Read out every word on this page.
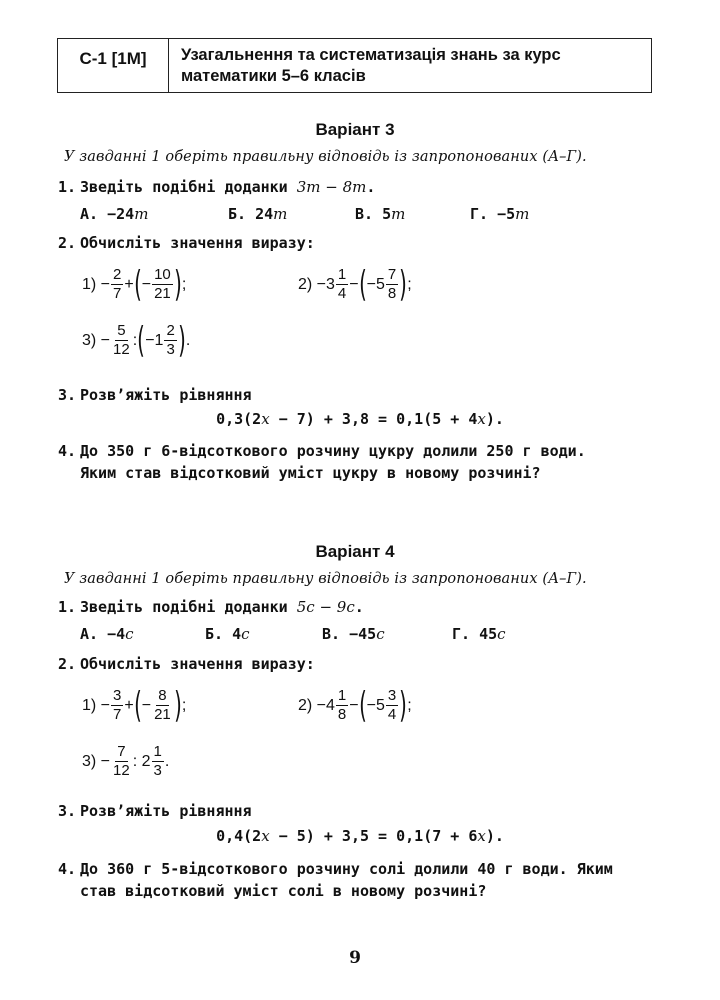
С-1 [1М]	Узагальнення та систематизація знань за курс
математики 5–6 класів
Варіант 3
У завданні 1 оберіть правильну відповідь із запропонованих (А–Г).
1. Зведіть подібні доданки 3m − 8m.
А. −24m	Б. 24m	В. 5m	Г. −5m
2. Обчисліть значення виразу:
$1) - \frac{2}{7}$ + ( − $\frac{10}{21}$ ) ;	$2) -3 \frac{1}{4}$ − ( $-5 \frac{7}{8}$ ) ;
$3) - \frac{5}{12}$ : ( $-1 \frac{2}{3}$ ) .
3. Розв’яжіть рівняння
0,3(2x − 7) + 3,8 = 0,1(5 + 4x).
4. До 350 г 6-відсоткового розчину цукру долили 250 г води.
Яким став відсотковий уміст цукру в новому розчині?
Варіант 4
У завданні 1 оберіть правильну відповідь із запропонованих (А–Г).
1. Зведіть подібні доданки 5c − 9c.
А. −4c	Б. 4c	В. −45c	Г. 45c
2. Обчисліть значення виразу:
$1) - \frac{3}{7}$ + ( − $\frac{8}{21}$ ) ;	$2) -4 \frac{1}{8}$ − ( $-5 \frac{3}{4}$ ) ;
$3) - \frac{7}{12}$ : $2 \frac{1}{3}$ .
3. Розв’яжіть рівняння
0,4(2x − 5) + 3,5 = 0,1(7 + 6x).
4. До 360 г 5-відсоткового розчину солі долили 40 г води. Яким
став відсотковий уміст солі в новому розчині?
9
